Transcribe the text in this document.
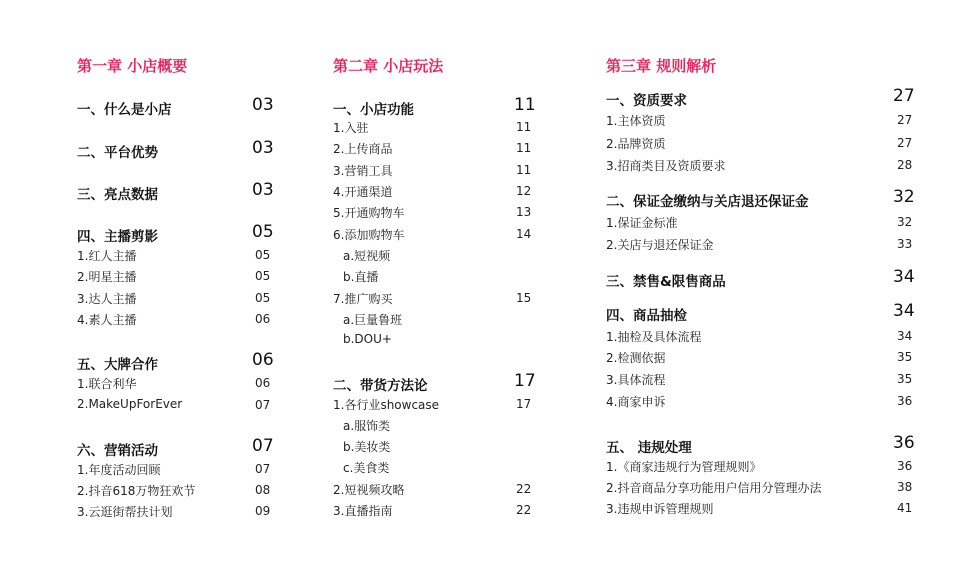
第一章 小店概要
一、什么是小店	03
二、平台优势	03
三、亮点数据	03
四、主播剪影	05
1.红人主播	05
2.明星主播	05
3.达人主播	05
4.素人主播	06
五、大牌合作	06
1.联合利华	06
2.MakeUpForEver	07
六、营销活动	07
1.年度活动回顾	07
2.抖音618万物狂欢节	08
3.云逛街帮扶计划	09
第二章 小店玩法
一、小店功能	11
1.入驻	11
2.上传商品	11
3.营销工具	11
4.开通渠道	12
5.开通购物车	13
6.添加购物车	14
a.短视频
b.直播
7.推广购买	15
a.巨量鲁班
b.DOU+
二、带货方法论	17
1.各行业showcase	17
a.服饰类
b.美妆类
c.美食类
2.短视频攻略	22
3.直播指南	22
第三章 规则解析
一、资质要求	27
1.主体资质	27
2.品牌资质	27
3.招商类目及资质要求	28
二、保证金缴纳与关店退还保证金	32
1.保证金标准	32
2.关店与退还保证金	33
三、禁售&限售商品	34
四、商品抽检	34
1.抽检及具体流程	34
2.检测依据	35
3.具体流程	35
4.商家申诉	36
五、 违规处理	36
1.《商家违规行为管理规则》	36
2.抖音商品分享功能用户信用分管理办法	38
3.违规申诉管理规则	41
